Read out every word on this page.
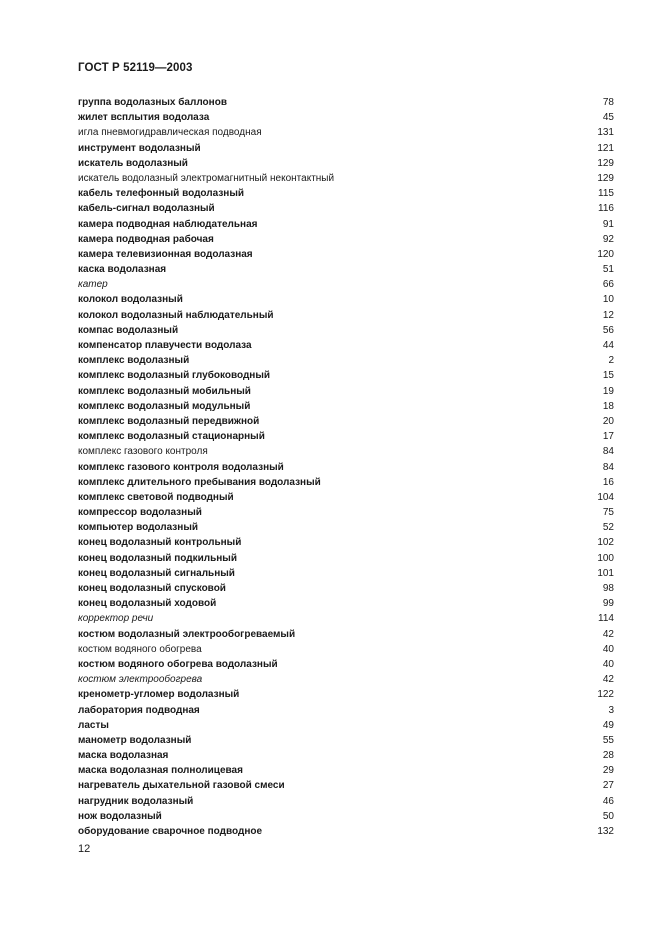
ГОСТ Р 52119—2003
группа водолазных баллонов	78
жилет всплытия водолаза	45
игла пневмогидравлическая подводная	131
инструмент водолазный	121
искатель водолазный	129
искатель водолазный электромагнитный неконтактный	129
кабель телефонный водолазный	115
кабель-сигнал водолазный	116
камера подводная наблюдательная	91
камера подводная рабочая	92
камера телевизионная водолазная	120
каска водолазная	51
катер	66
колокол водолазный	10
колокол водолазный наблюдательный	12
компас водолазный	56
компенсатор плавучести водолаза	44
комплекс водолазный	2
комплекс водолазный глубоководный	15
комплекс водолазный мобильный	19
комплекс водолазный модульный	18
комплекс водолазный передвижной	20
комплекс водолазный стационарный	17
комплекс газового контроля	84
комплекс газового контроля водолазный	84
комплекс длительного пребывания водолазный	16
комплекс световой подводный	104
компрессор водолазный	75
компьютер водолазный	52
конец водолазный контрольный	102
конец водолазный подкильный	100
конец водолазный сигнальный	101
конец водолазный спусковой	98
конец водолазный ходовой	99
корректор речи	114
костюм водолазный электрообогреваемый	42
костюм водяного обогрева	40
костюм водяного обогрева водолазный	40
костюм электрообогрева	42
кренометр-угломер водолазный	122
лаборатория подводная	3
ласты	49
манометр водолазный	55
маска водолазная	28
маска водолазная полнолицевая	29
нагреватель дыхательной газовой смеси	27
нагрудник водолазный	46
нож водолазный	50
оборудование сварочное подводное	132
12
